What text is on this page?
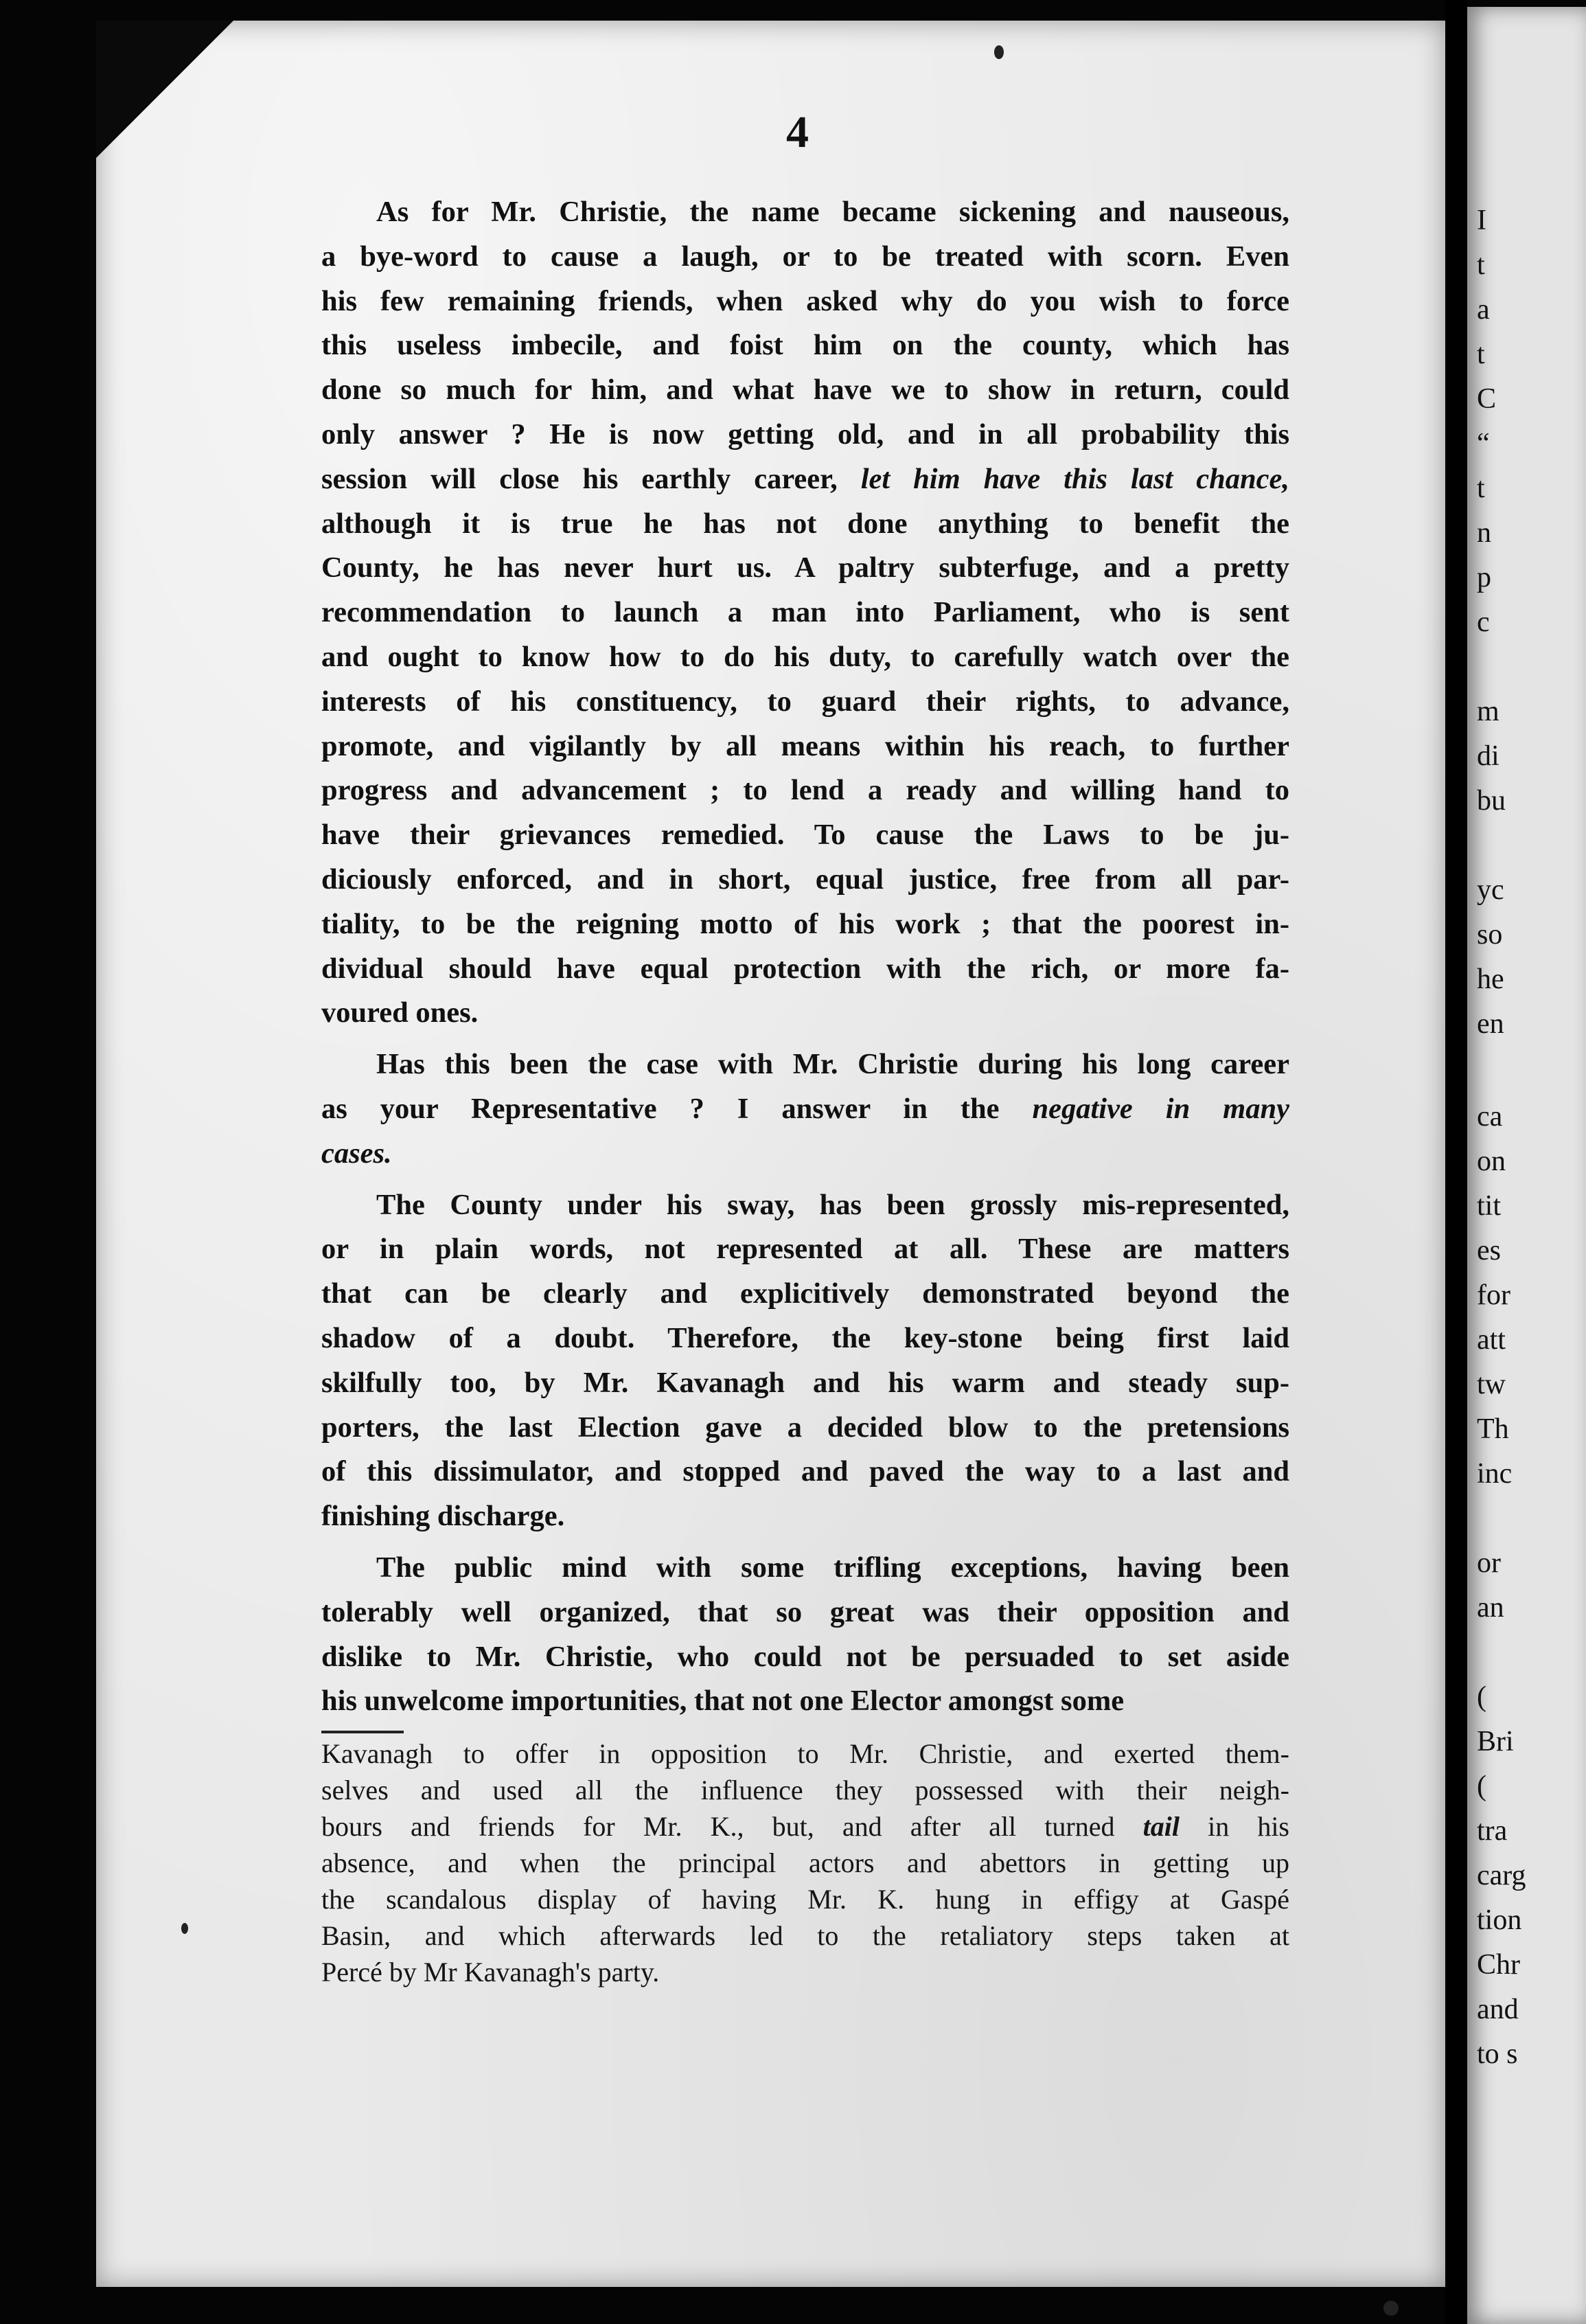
I
t
a
t
C
“
t
n
p
c
m
di
bu
yc
so
he
en
ca
on
tit
es
for
att
tw
Th
inc
or
an
(
Bri
(
tra
carg
tion
Chr
and
to s
4
As for Mr. Christie, the name became sickening and nauseous,
a bye-word to cause a laugh, or to be treated with scorn. Even
his few remaining friends, when asked why do you wish to force
this useless imbecile, and foist him on the county, which has
done so much for him, and what have we to show in return, could
only answer ? He is now getting old, and in all probability this
session will close his earthly career, let him have this last chance,
although it is true he has not done anything to benefit the
County, he has never hurt us. A paltry subterfuge, and a pretty
recommendation to launch a man into Parliament, who is sent
and ought to know how to do his duty, to carefully watch over the
interests of his constituency, to guard their rights, to advance,
promote, and vigilantly by all means within his reach, to further
progress and advancement ; to lend a ready and willing hand to
have their grievances remedied. To cause the Laws to be ju-
diciously enforced, and in short, equal justice, free from all par-
tiality, to be the reigning motto of his work ; that the poorest in-
dividual should have equal protection with the rich, or more fa-
voured ones.
Has this been the case with Mr. Christie during his long career
as your Representative ? I answer in the negative in many
cases.
The County under his sway, has been grossly mis-represented,
or in plain words, not represented at all. These are matters
that can be clearly and explicitively demonstrated beyond the
shadow of a doubt. Therefore, the key-stone being first laid
skilfully too, by Mr. Kavanagh and his warm and steady sup-
porters, the last Election gave a decided blow to the pretensions
of this dissimulator, and stopped and paved the way to a last and
finishing discharge.
The public mind with some trifling exceptions, having been
tolerably well organized, that so great was their opposition and
dislike to Mr. Christie, who could not be persuaded to set aside
his unwelcome importunities, that not one Elector amongst some
Kavanagh to offer in opposition to Mr. Christie, and exerted them-
selves and used all the influence they possessed with their neigh-
bours and friends for Mr. K., but, and after all turned tail in his
absence, and when the principal actors and abettors in getting up
the scandalous display of having Mr. K. hung in effigy at Gaspé
Basin, and which afterwards led to the retaliatory steps taken at
Percé by Mr Kavanagh's party.
